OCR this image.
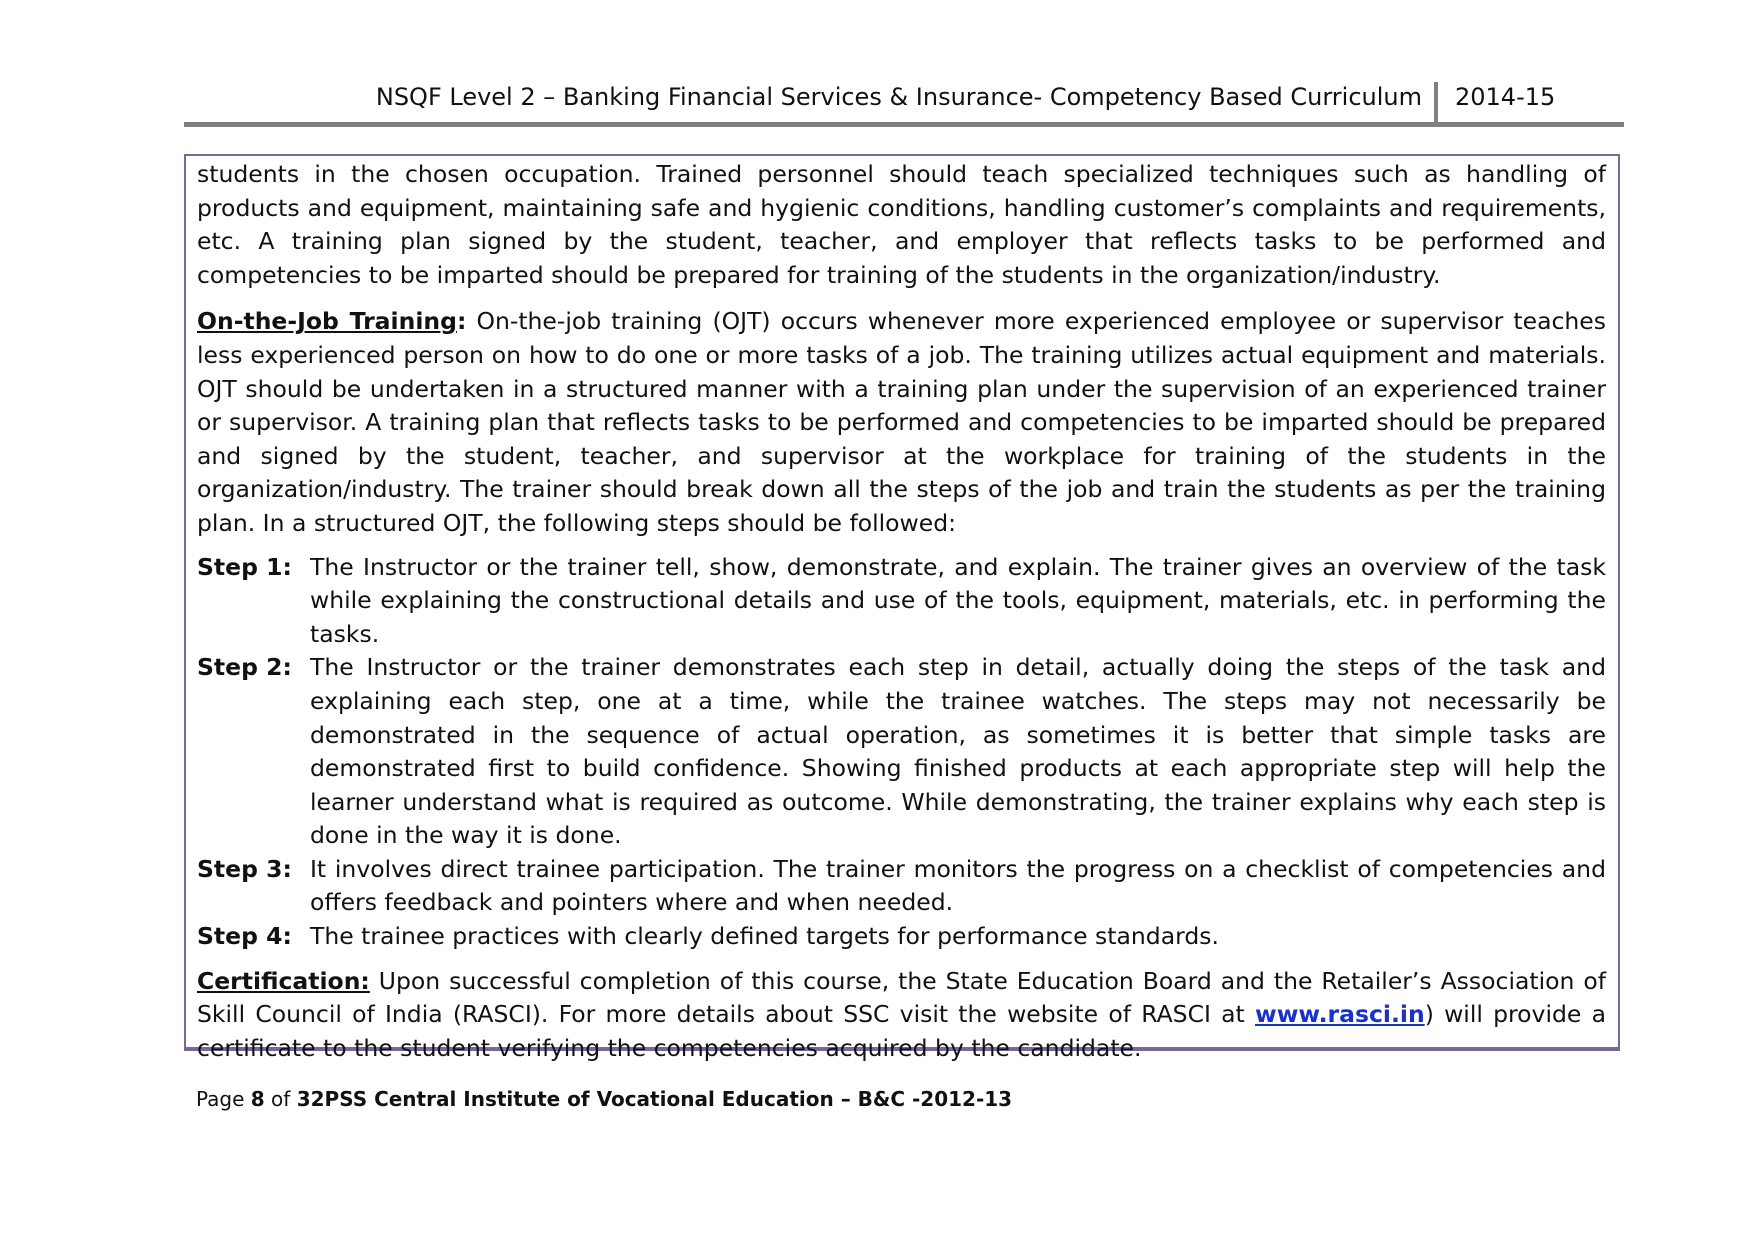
NSQF Level 2 – Banking Financial Services & Insurance- Competency Based Curriculum	2014-15

students in the chosen occupation. Trained personnel should teach specialized techniques such as handling of products and equipment, maintaining safe and hygienic conditions, handling customer’s complaints and requirements, etc. A training plan signed by the student, teacher, and employer that reflects tasks to be performed and competencies to be imparted should be prepared for training of the students in the organization/industry.

On-the-Job Training: On-the-job training (OJT) occurs whenever more experienced employee or supervisor teaches less experienced person on how to do one or more tasks of a job. The training utilizes actual equipment and materials. OJT should be undertaken in a structured manner with a training plan under the supervision of an experienced trainer or supervisor. A training plan that reflects tasks to be performed and competencies to be imparted should be prepared and signed by the student, teacher, and supervisor at the workplace for training of the students in the organization/industry. The trainer should break down all the steps of the job and train the students as per the training plan. In a structured OJT, the following steps should be followed:

Step 1: The Instructor or the trainer tell, show, demonstrate, and explain. The trainer gives an overview of the task while explaining the constructional details and use of the tools, equipment, materials, etc. in performing the tasks.
Step 2: The Instructor or the trainer demonstrates each step in detail, actually doing the steps of the task and explaining each step, one at a time, while the trainee watches. The steps may not necessarily be demonstrated in the sequence of actual operation, as sometimes it is better that simple tasks are demonstrated first to build confidence. Showing finished products at each appropriate step will help the learner understand what is required as outcome. While demonstrating, the trainer explains why each step is done in the way it is done.
Step 3: It involves direct trainee participation. The trainer monitors the progress on a checklist of competencies and offers feedback and pointers where and when needed.
Step 4: The trainee practices with clearly defined targets for performance standards.

Certification: Upon successful completion of this course, the State Education Board and the Retailer’s Association of Skill Council of India (RASCI). For more details about SSC visit the website of RASCI at www.rasci.in) will provide a certificate to the student verifying the competencies acquired by the candidate.

Page 8 of 32PSS Central Institute of Vocational Education – B&C -2012-13
